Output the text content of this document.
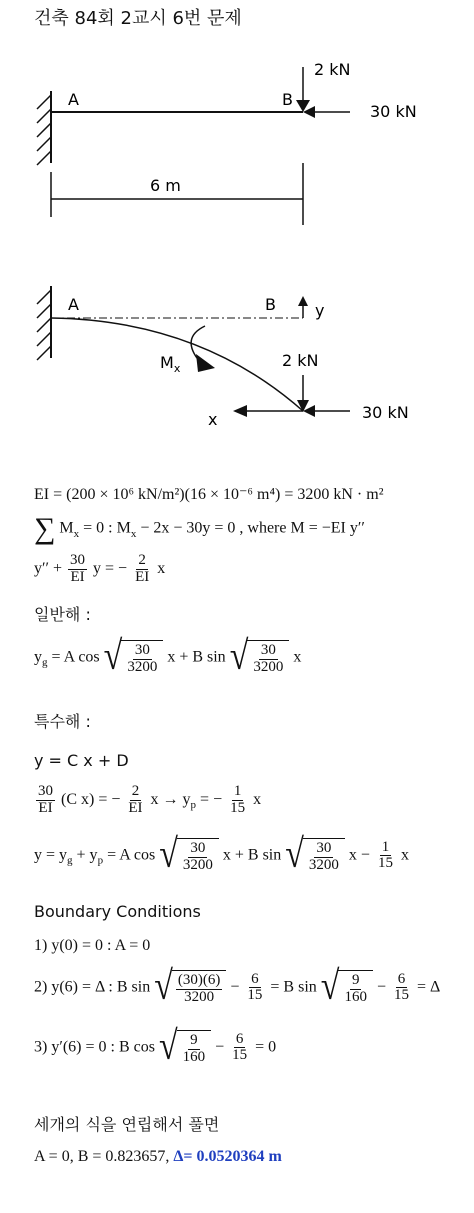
건축 84회 2교시 6번 문제
A	B
2 kN
30 kN
6 m
A	B y
$M_x$	2 kN
30 kN
x
EI = (200 × 10⁶ kN/m²)(16 × 10⁻⁶ m⁴) = 3200 kN · m²
∑ $M_x = 0$ : $M_x - 2x - 30y = 0$ , where M = −EI y′′
$y'' + \frac{30}{EI}$ y = − $\frac{2}{EI}$ x
일반해 :
$y_g = A$ cos √ $\frac{30}{3200}$ x + B sin √ $\frac{30}{3200}$ x
특수해 :
y = C x + D
$\frac{30}{EI} (C$ x) = − $\frac{2}{EI}$ $x \to y_p$ = − $\frac{1}{15}$ x
$y = y_g + y_p = A$ cos √ $\frac{30}{3200}$ x + B sin √ $\frac{30}{3200}$ $x - \frac{1}{15}$ x
Boundary Conditions
1) y(0) = 0 : A = 0
2) y(6) = Δ : B sin √ $\frac{(30)(6)}{3200} - \frac{6}{15} = B$ sin √ $\frac{9}{160} - \frac{6}{15} = \Delta$
3) y′(6) = 0 : B cos √ $\frac{9}{160} - \frac{6}{15} = 0$
세개의 식을 연립해서 풀면
A = 0, B = 0.823657, Δ= 0.0520364 m
